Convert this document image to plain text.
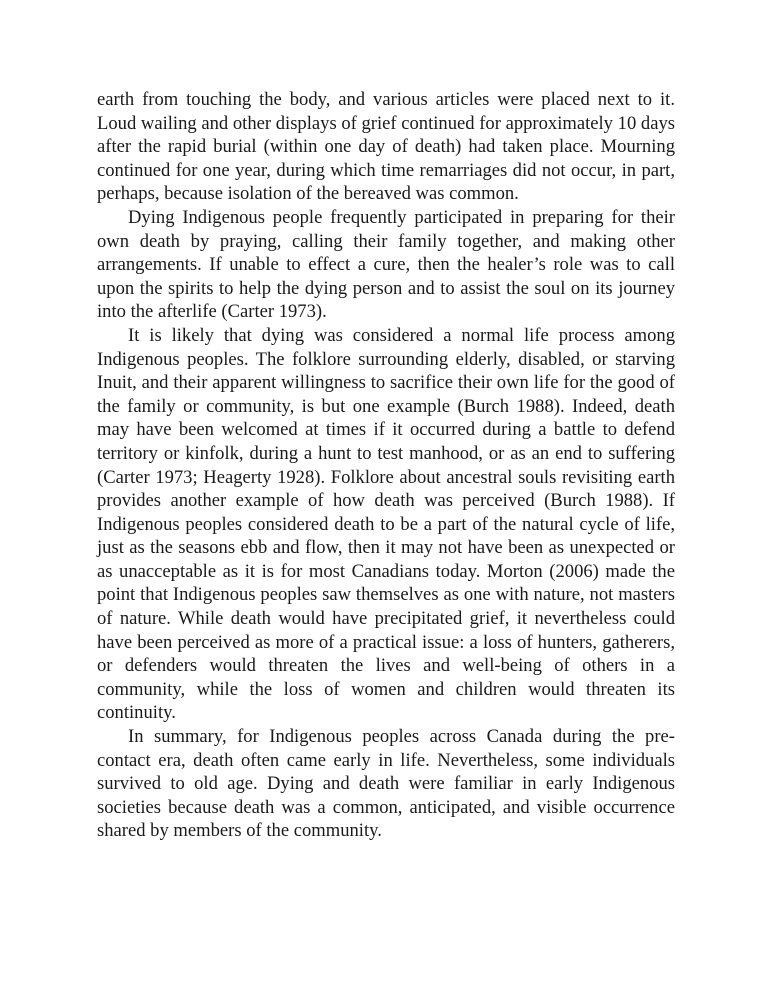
earth from touching the body, and various articles were placed next to it. Loud wailing and other displays of grief continued for approximately 10 days after the rapid burial (within one day of death) had taken place. Mourning continued for one year, during which time remarriages did not occur, in part, perhaps, because isolation of the bereaved was common.

Dying Indigenous people frequently participated in preparing for their own death by praying, calling their family together, and making other arrangements. If unable to effect a cure, then the healer’s role was to call upon the spirits to help the dying person and to assist the soul on its journey into the afterlife (Carter 1973).

It is likely that dying was considered a normal life process among Indigenous peoples. The folklore surrounding elderly, disabled, or starving Inuit, and their apparent willingness to sacrifice their own life for the good of the family or community, is but one example (Burch 1988). Indeed, death may have been welcomed at times if it occurred during a battle to defend territory or kinfolk, during a hunt to test manhood, or as an end to suffering (Carter 1973; Heagerty 1928). Folklore about ancestral souls revisiting earth provides another example of how death was perceived (Burch 1988). If Indigenous peoples considered death to be a part of the natural cycle of life, just as the seasons ebb and flow, then it may not have been as unexpected or as unacceptable as it is for most Canadians today. Morton (2006) made the point that Indigenous peoples saw themselves as one with nature, not masters of nature. While death would have precipitated grief, it nevertheless could have been perceived as more of a practical issue: a loss of hunters, gatherers, or defenders would threaten the lives and well-being of others in a community, while the loss of women and children would threaten its continuity.

In summary, for Indigenous peoples across Canada during the pre-contact era, death often came early in life. Nevertheless, some individuals survived to old age. Dying and death were familiar in early Indigenous societies because death was a common, anticipated, and visible occurrence shared by members of the community.
